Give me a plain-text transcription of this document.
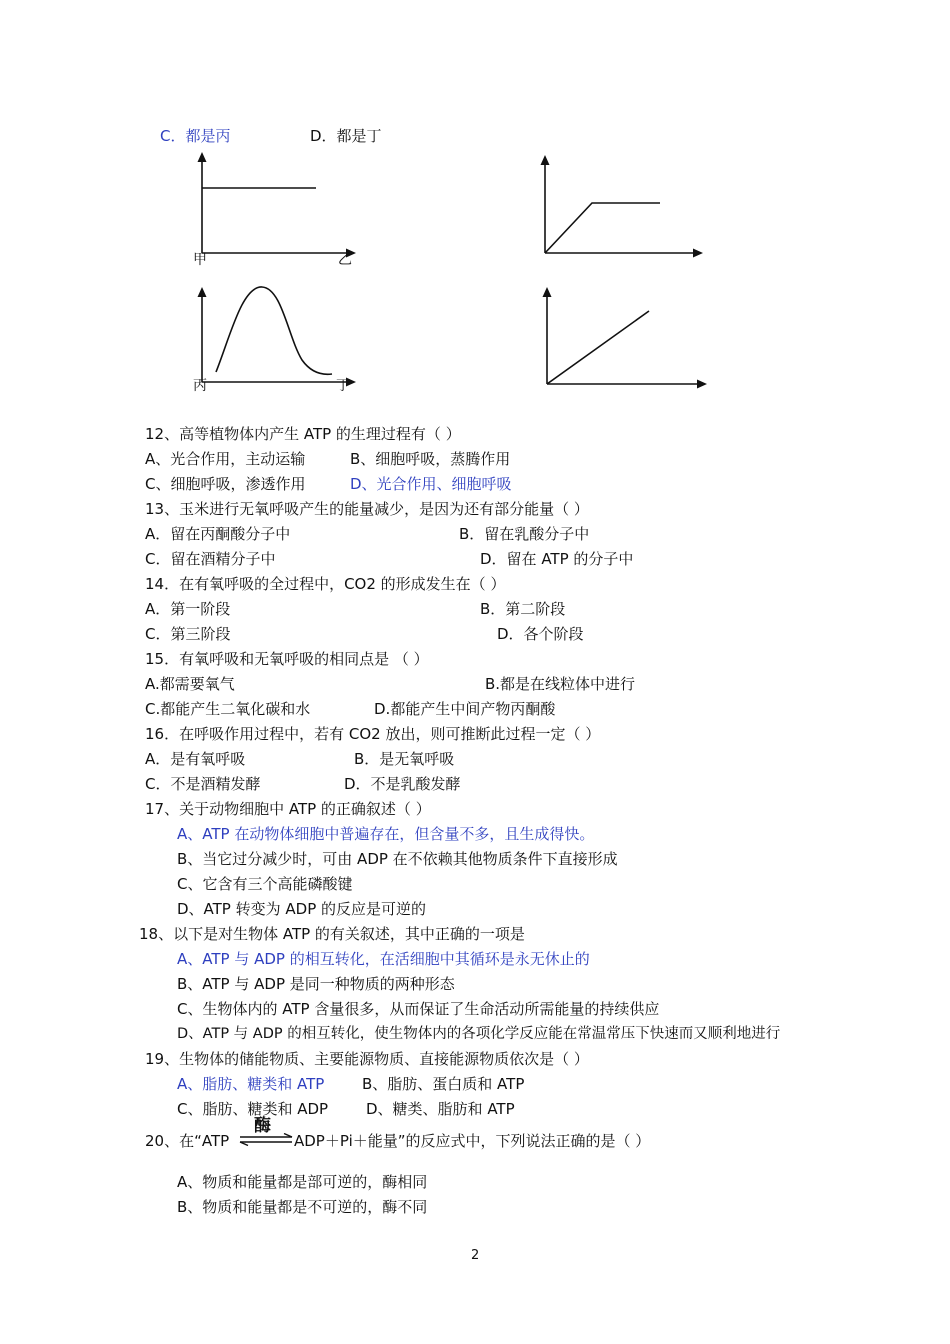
C．都是丙	D．都是丁
甲	乙
丙	丁
12、高等植物体内产生 ATP 的生理过程有（ ）
A、光合作用，主动运输	B、细胞呼吸，蒸腾作用
C、细胞呼吸，渗透作用	D、光合作用、细胞呼吸
13、玉米进行无氧呼吸产生的能量减少，是因为还有部分能量（ ）
A．留在丙酮酸分子中	B．留在乳酸分子中
C．留在酒精分子中	D．留在 ATP 的分子中
14．在有氧呼吸的全过程中，CO2 的形成发生在（ ）
A．第一阶段	B．第二阶段
C．第三阶段	D．各个阶段
15．有氧呼吸和无氧呼吸的相同点是 （ ）
A.都需要氧气	B.都是在线粒体中进行
C.都能产生二氧化碳和水	D.都能产生中间产物丙酮酸
16．在呼吸作用过程中，若有 CO2 放出，则可推断此过程一定（ ）
A．是有氧呼吸	B．是无氧呼吸
C．不是酒精发酵	D．不是乳酸发酵
17、关于动物细胞中 ATP 的正确叙述（ ）
A、ATP 在动物体细胞中普遍存在，但含量不多，且生成得快。
B、当它过分减少时，可由 ADP 在不依赖其他物质条件下直接形成
C、它含有三个高能磷酸键
D、ATP 转变为 ADP 的反应是可逆的
18、以下是对生物体 ATP 的有关叙述，其中正确的一项是
A、ATP 与 ADP 的相互转化，在活细胞中其循环是永无休止的
B、ATP 与 ADP 是同一种物质的两种形态
C、生物体内的 ATP 含量很多，从而保证了生命活动所需能量的持续供应
D、ATP 与 ADP 的相互转化，使生物体内的各项化学反应能在常温常压下快速而又顺利地进行
19、生物体的储能物质、主要能源物质、直接能源物质依次是（ ）
A、脂肪、糖类和 ATP	B、脂肪、蛋白质和 ATP
C、脂肪、糖类和 ADP	D、糖类、脂肪和 ATP
20、在“ATP
酶
ADP＋Pi＋能量”的反应式中，下列说法正确的是（ ）
A、物质和能量都是部可逆的，酶相同
B、物质和能量都是不可逆的，酶不同
2
